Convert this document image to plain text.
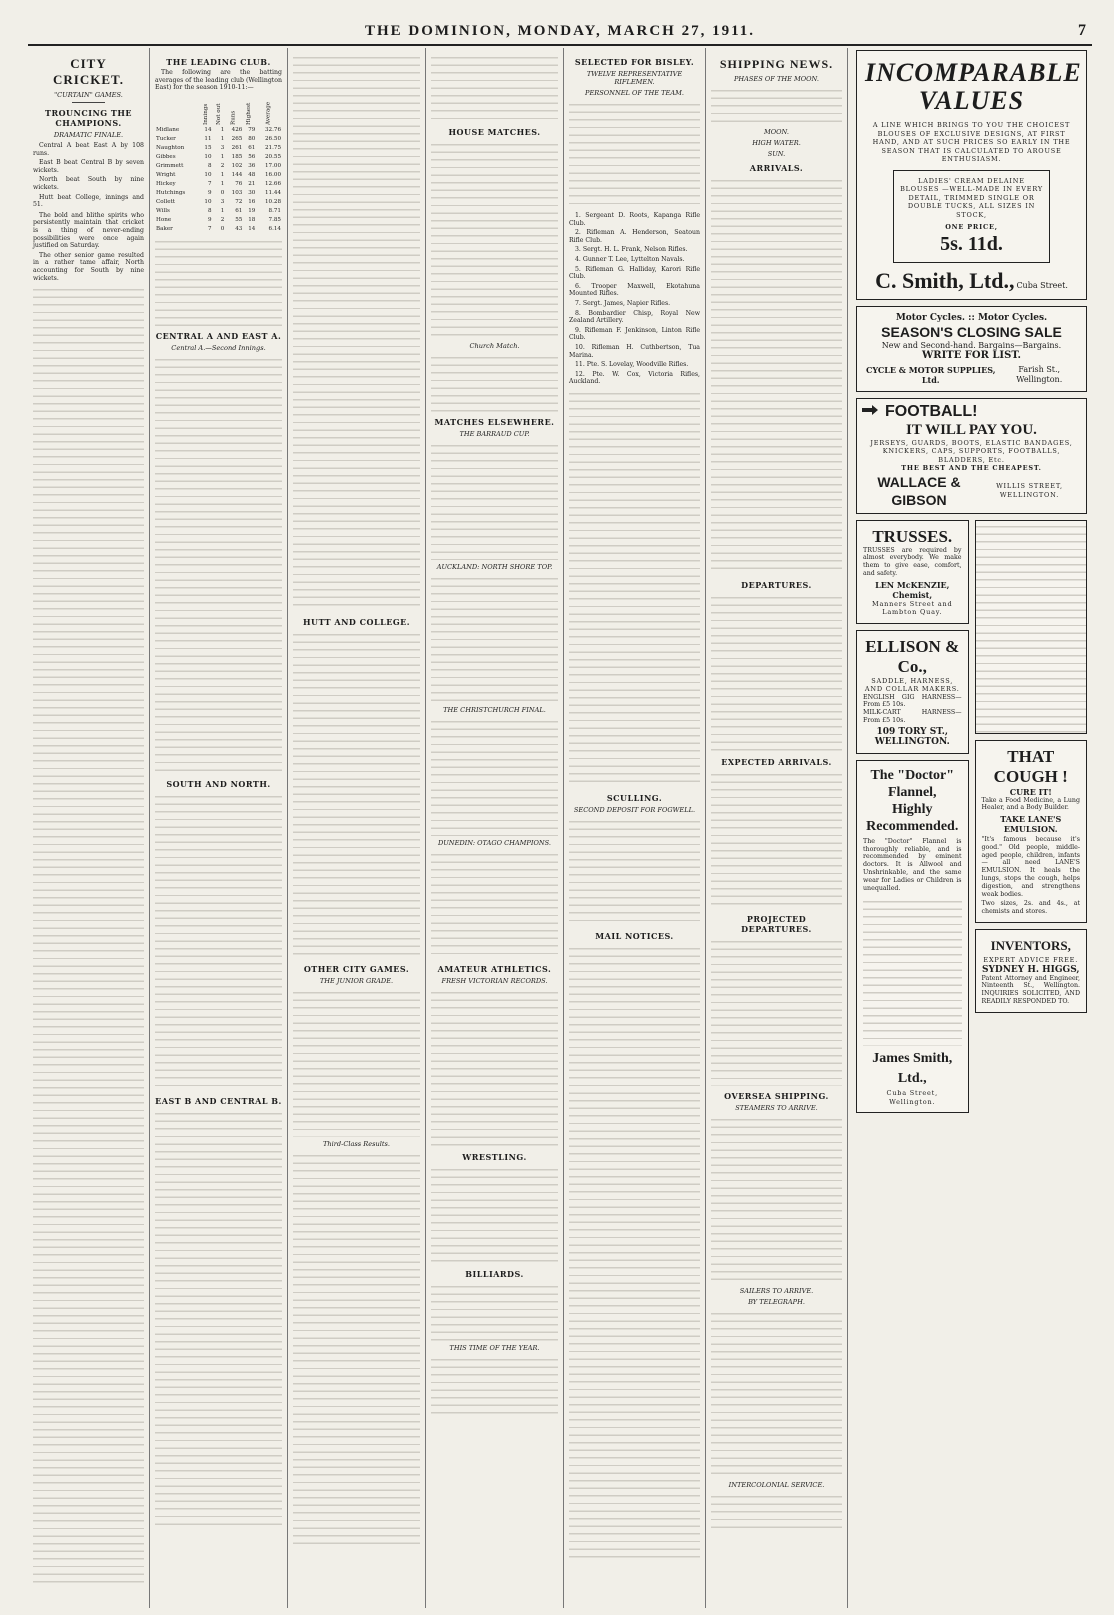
THE DOMINION, MONDAY, MARCH 27, 1911.	7
CITY CRICKET.
"CURTAIN" GAMES.
TROUNCING THE CHAMPIONS.
DRAMATIC FINALE.
Central A beat East A by 108 runs.
East B beat Central B by seven wickets.
North beat South by nine wickets.
Hutt beat College, innings and 51.
The bold and blithe spirits who persistently maintain that cricket is a thing of never-ending possibilities were once again justified on Saturday.
The other senior game resulted in a rather tame affair, North accounting for South by nine wickets.
THE LEADING CLUB.
The following are the batting averages of the leading club (Wellington East) for the season 1910-11:—
	Innings	Not out	Runs	Highest	Average
Midlane	14	1	426	79	32.76
Tucker	11	1	265	80	26.50
Naughton	15	3	261	61	21.75
Gibbes	10	1	185	56	20.55
Grimmett	8	2	102	36	17.00
Wright	10	1	144	48	16.00
Hickey	7	1	76	21	12.66
Hutchings	9	0	103	30	11.44
Collett	10	3	72	16	10.28
Wills	8	1	61	19	8.71
Hone	9	2	55	18	7.85
Baker	7	0	43	14	6.14
CENTRAL A AND EAST A.
Central A.—Second Innings.
SOUTH AND NORTH.
EAST B AND CENTRAL B.
HUTT AND COLLEGE.
OTHER CITY GAMES.
THE JUNIOR GRADE.
Third-Class Results.
HOUSE MATCHES.
Church Match.
MATCHES ELSEWHERE.
THE BARRAUD CUP.
AUCKLAND: NORTH SHORE TOP.
THE CHRISTCHURCH FINAL.
DUNEDIN: OTAGO CHAMPIONS.
AMATEUR ATHLETICS.
FRESH VICTORIAN RECORDS.
WRESTLING.
BILLIARDS.
THIS TIME OF THE YEAR.
SELECTED FOR BISLEY.
TWELVE REPRESENTATIVE RIFLEMEN.
PERSONNEL OF THE TEAM.
1. Sergeant D. Roots, Kapanga Rifle Club.
2. Rifleman A. Henderson, Seatoun Rifle Club.
3. Sergt. H. L. Frank, Nelson Rifles.
4. Gunner T. Lee, Lyttelton Navals.
5. Rifleman G. Halliday, Karori Rifle Club.
6. Trooper Maxwell, Ekotahuna Mounted Rifles.
7. Sergt. James, Napier Rifles.
8. Bombardier Chisp, Royal New Zealand Artillery.
9. Rifleman F. Jenkinson, Linton Rifle Club.
10. Rifleman H. Cuthbertson, Tua Marina.
11. Pte. S. Lovelay, Woodville Rifles.
12. Pte. W. Cox, Victoria Rifles, Auckland.
SCULLING.
SECOND DEPOSIT FOR FOGWELL.
MAIL NOTICES.
SHIPPING NEWS.
PHASES OF THE MOON.
MOON.
HIGH WATER.
SUN.
ARRIVALS.
DEPARTURES.
EXPECTED ARRIVALS.
PROJECTED DEPARTURES.
OVERSEA SHIPPING.
STEAMERS TO ARRIVE.
SAILERS TO ARRIVE.
BY TELEGRAPH.
INTERCOLONIAL SERVICE.
INCOMPARABLE
VALUES
A LINE WHICH BRINGS TO YOU THE CHOICEST BLOUSES OF EXCLUSIVE DESIGNS, AT FIRST HAND, AND AT SUCH PRICES SO EARLY IN THE SEASON THAT IS CALCULATED TO AROUSE ENTHUSIASM.
LADIES' CREAM DELAINE BLOUSES —WELL-MADE IN EVERY DETAIL, TRIMMED SINGLE OR DOUBLE TUCKS, ALL SIZES IN STOCK,
ONE PRICE,
5s. 11d.
C. Smith, Ltd., Cuba Street.
Motor Cycles. :: Motor Cycles.
SEASON'S CLOSING SALE
New and Second-hand. Bargains—Bargains.
WRITE FOR LIST.
CYCLE & MOTOR SUPPLIES, Ltd.
Farish St., Wellington.
FOOTBALL!
IT WILL PAY YOU.
JERSEYS, GUARDS, BOOTS, ELASTIC BANDAGES, KNICKERS, CAPS, SUPPORTS, FOOTBALLS, BLADDERS, Etc.
THE BEST AND THE CHEAPEST.
WALLACE & GIBSON
WILLIS STREET, WELLINGTON.
TRUSSES.
TRUSSES are required by almost everybody. We make them to give ease, comfort, and safety.
LEN McKENZIE, Chemist,
Manners Street and Lambton Quay.
ELLISON & Co.,
SADDLE, HARNESS, AND COLLAR MAKERS.
ENGLISH GIG HARNESS— From £5 10s.
MILK-CART HARNESS— From £5 10s.
109 TORY ST., WELLINGTON.
The "Doctor" Flannel,
Highly Recommended.
The "Doctor" Flannel is thoroughly reliable, and is recommended by eminent doctors. It is Allwool and Unshrinkable, and the same wear for Ladies or Children is unequalled.
James Smith, Ltd.,
Cuba Street, Wellington.
THAT COUGH !
CURE IT!
Take a Food Medicine, a Lung Healer, and a Body Builder.
TAKE LANE'S EMULSION.
"It's famous because it's good." Old people, middle-aged people, children, infants — all need LANE'S EMULSION. It heals the lungs, stops the cough, helps digestion, and strengthens weak bodies.
Two sizes, 2s. and 4s., at chemists and stores.
INVENTORS,
EXPERT ADVICE FREE.
SYDNEY H. HIGGS,
Patent Attorney and Engineer, Ninteenth St., Wellington. INQUIRIES SOLICITED, AND READILY RESPONDED TO.
